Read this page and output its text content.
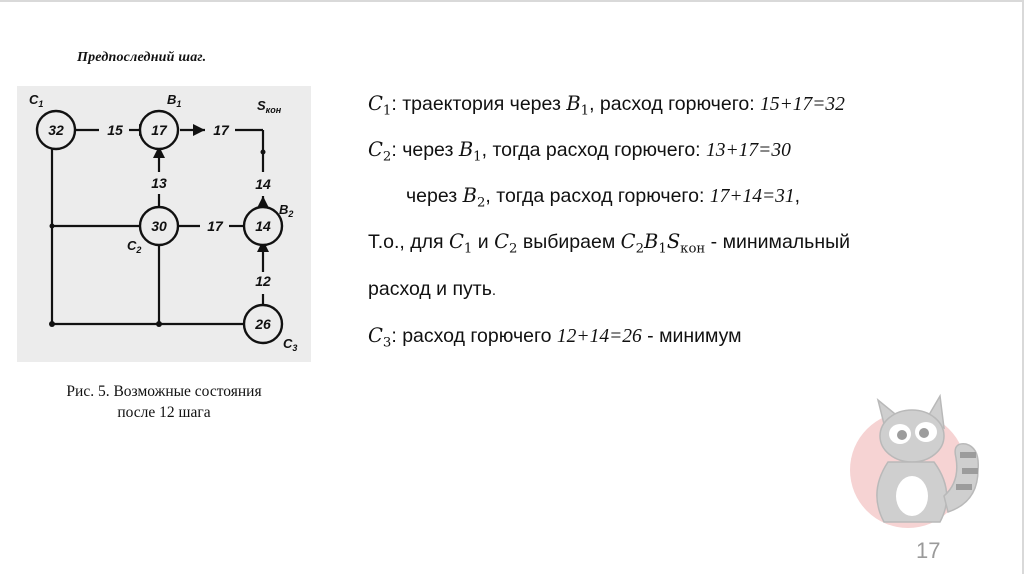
Предпоследний шаг.
32	17
30	14
26
15	17
13
17
14
12
$C_1$	$B_1$	$S_{кон}$
$B_2$
$C_2$
$C_3$
Рис. 5. Возможные состояния
после 12 шага
$C_1$: траектория через $B_1$, расход горючего: 15+17=32
$C_2$: через $B_1$, тогда расход горючего: 13+17=30
через $B_2$, тогда расход горючего: 17+14=31,
Т.о., для $C_1$ и $C_2$ выбираем $C_2B_1S_{кон}$ - минимальный
расход и путь.
$C_3$: расход горючего 12+14=26 - минимум
17
